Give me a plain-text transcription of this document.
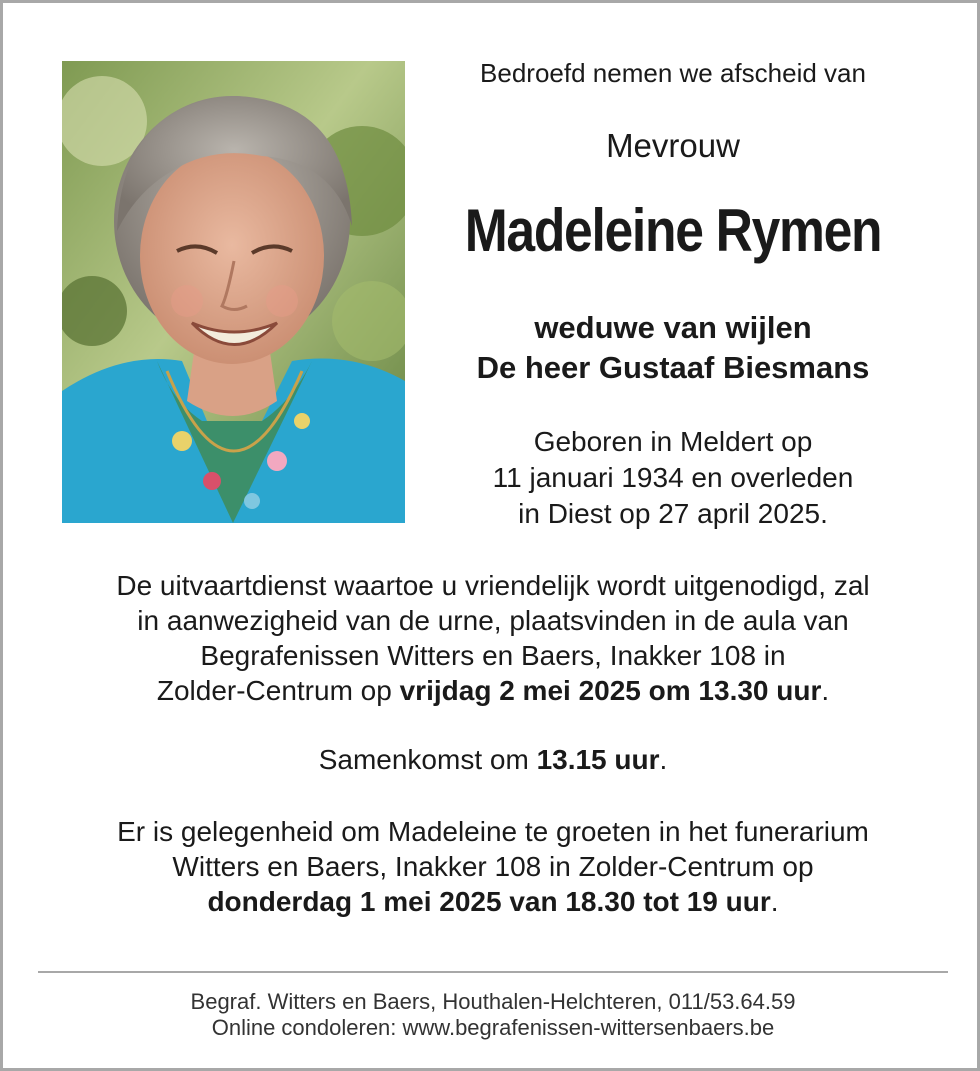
Bedroefd nemen we afscheid van
Mevrouw
Madeleine Rymen
weduwe van wijlen
De heer Gustaaf Biesmans
Geboren in Meldert op
11 januari 1934 en overleden
in Diest op 27 april 2025.
De uitvaartdienst waartoe u vriendelijk wordt uitgenodigd, zal
in aanwezigheid van de urne, plaatsvinden in de aula van
Begrafenissen Witters en Baers, Inakker 108 in
Zolder-Centrum op vrijdag 2 mei 2025 om 13.30 uur.
Samenkomst om 13.15 uur.
Er is gelegenheid om Madeleine te groeten in het funerarium
Witters en Baers, Inakker 108 in Zolder-Centrum op
donderdag 1 mei 2025 van 18.30 tot 19 uur.
Begraf. Witters en Baers, Houthalen-Helchteren, 011/53.64.59
Online condoleren: www.begrafenissen-wittersenbaers.be
